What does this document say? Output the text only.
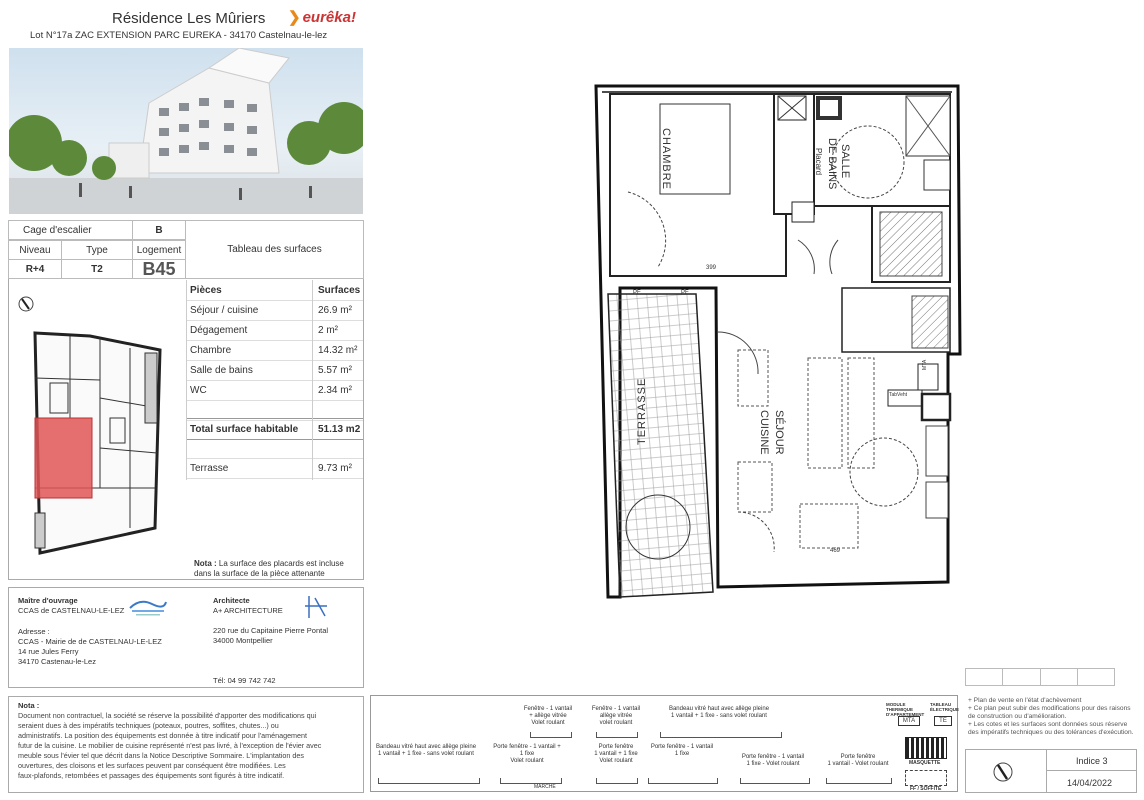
Résidence Les Mûriers
Lot N°17a ZAC EXTENSION PARC EUREKA - 34170 Castelnau-le-lez
❯ eurêka!
Cage d'escalier	B
Niveau	Type	Logement
R+4	T2	B45
Tableau des surfaces
Pièces	Surfaces
Séjour / cuisine	26.9 m²
Dégagement	2 m²
Chambre	14.32 m²
Salle de bains	5.57 m²
WC	2.34 m²
Total surface habitable 51.13 m2
Terrasse	9.73 m²
Nota : La surface des placards est incluse dans la surface de la pièce attenante
Maître d'ouvrage
CCAS de CASTELNAU-LE-LEZ
Adresse :
CCAS - Mairie de de CASTELNAU-LE-LEZ
14 rue Jules Ferry
34170 Castenau-le-Lez
Architecte
A+ ARCHITECTURE
220 rue du Capitaine Pierre Pontal
34000 Montpellier
Tél: 04 99 742 742
Nota :
Document non contractuel, la société se réserve la possibilité d'apporter des modifications qui
seraient dues à des impératifs techniques (poteaux, poutres, soffites, chutes...) ou
administratifs. La position des équipements est donnée à titre indicatif pour l'aménagement
futur de la cuisine. Le mobilier de cuisine représenté n'est pas livré, à l'exception de l'évier avec
meuble sous l'évier tel que décrit dans la Notice Descriptive Sommaire. L'implantation des
ouvertures, des cloisons et les surfaces peuvent par conséquent être modifiées. Les
faux-plafonds, retombées et passages des équipements sont figurés à titre indicatif.
CHAMBRE	Placard SALLE
DE BAINS
TERRASSE	SÉJOUR
CUISINE
399
469
PF	PF
TabVeht
MTA
Bandeau vitré haut avec allège pleine
1 vantail + 1 fixe - sans volet roulant
Fenêtre - 1 vantail
+ allège vitrée
Volet roulant
Porte fenêtre - 1 vantail + 1 fixe
Volet roulant
Fenêtre - 1 vantail
allège vitrée
volet roulant
Porte fenêtre
1 vantail + 1 fixe
Volet roulant
Bandeau vitré haut avec allège pleine
1 vantail + 1 fixe - sans volet roulant
Porte fenêtre - 1 vantail
1 fixe	Porte fenêtre - 1 vantail
1 fixe - Volet roulant
Porte fenêtre
1 vantail - Volet roulant
MARCHE
MODULE THERMIQUE D'APPARTEMENT
TABLEAU ÉLECTRIQUE
MTA	TE
MASQUETTE
FF / SOFFITE
+ Plan de vente en l'état d'achèvement
+ Ce plan peut subir des modifications pour des raisons de construction ou d'amélioration.
+ Les cotes et les surfaces sont données sous réserve des impératifs techniques ou des tolérances d'exécution.
Indice 3
14/04/2022
